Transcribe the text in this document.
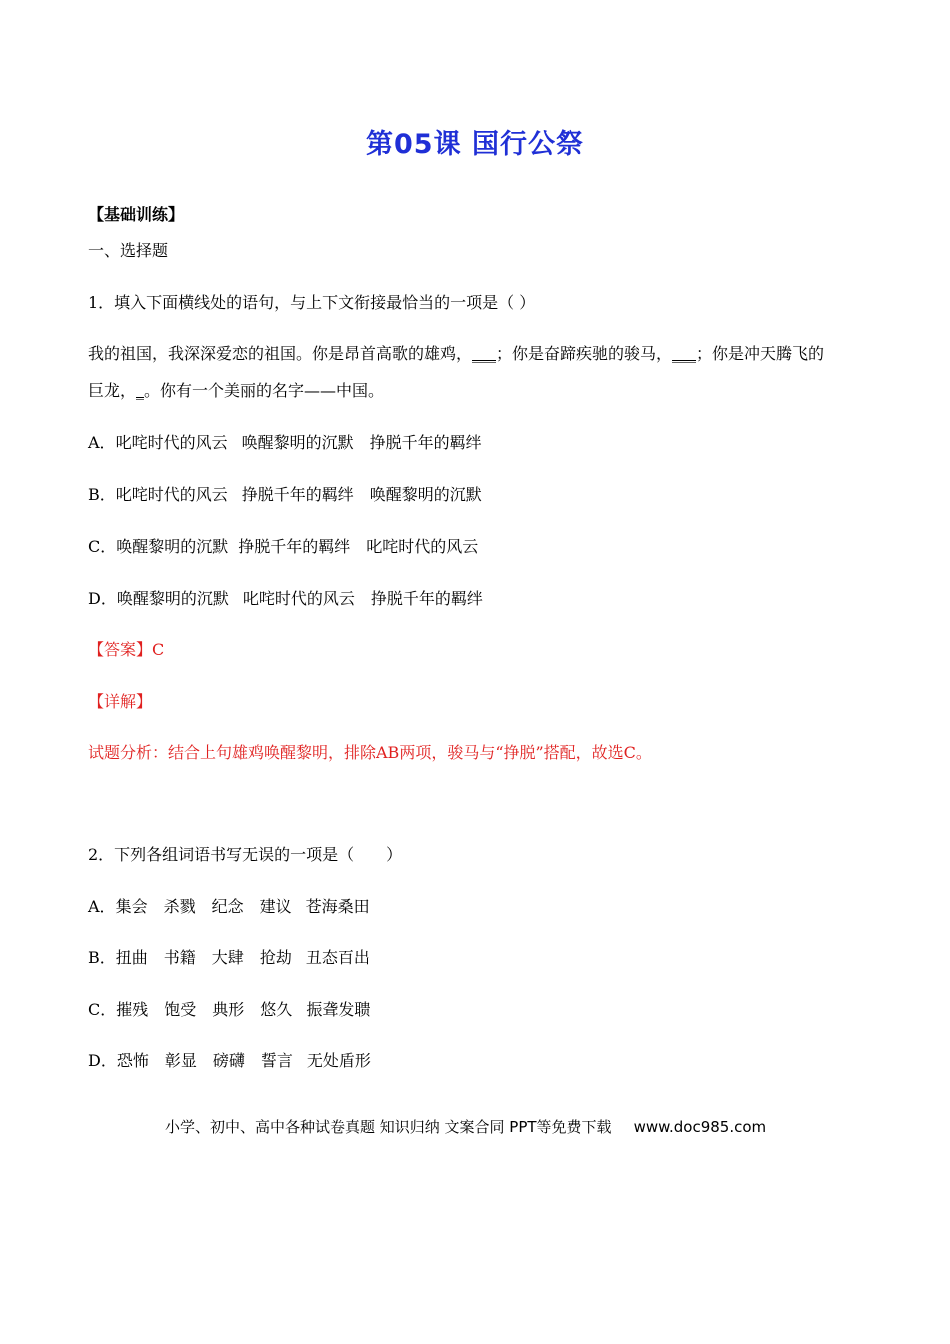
第05课 国行公祭
【基础训练】
一、选择题
1．填入下面横线处的语句，与上下文衔接最恰当的一项是（ ）
我的祖国，我深深爱恋的祖国。你是昂首高歌的雄鸡，___；你是奋蹄疾驰的骏马，___；你是冲天腾飞的
巨龙，_。你有一个美丽的名字——中国。
A．叱咤时代的风云 唤醒黎明的沉默 挣脱千年的羁绊
B．叱咤时代的风云 挣脱千年的羁绊 唤醒黎明的沉默
C．唤醒黎明的沉默 挣脱千年的羁绊 叱咤时代的风云
D．唤醒黎明的沉默 叱咤时代的风云 挣脱千年的羁绊
【答案】C
【详解】
试题分析：结合上句雄鸡唤醒黎明，排除AB两项，骏马与“挣脱”搭配，故选C。
2．下列各组词语书写无误的一项是（　　）
A．集会 杀戮 纪念 建议 苍海桑田
B．扭曲 书籍 大肆 抢劫 丑态百出
C．摧残 饱受 典形 悠久 振聋发聩
D．恐怖 彰显 磅礴 誓言 无处盾形
小学、初中、高中各种试卷真题 知识归纳 文案合同 PPT等免费下载 www.doc985.com
